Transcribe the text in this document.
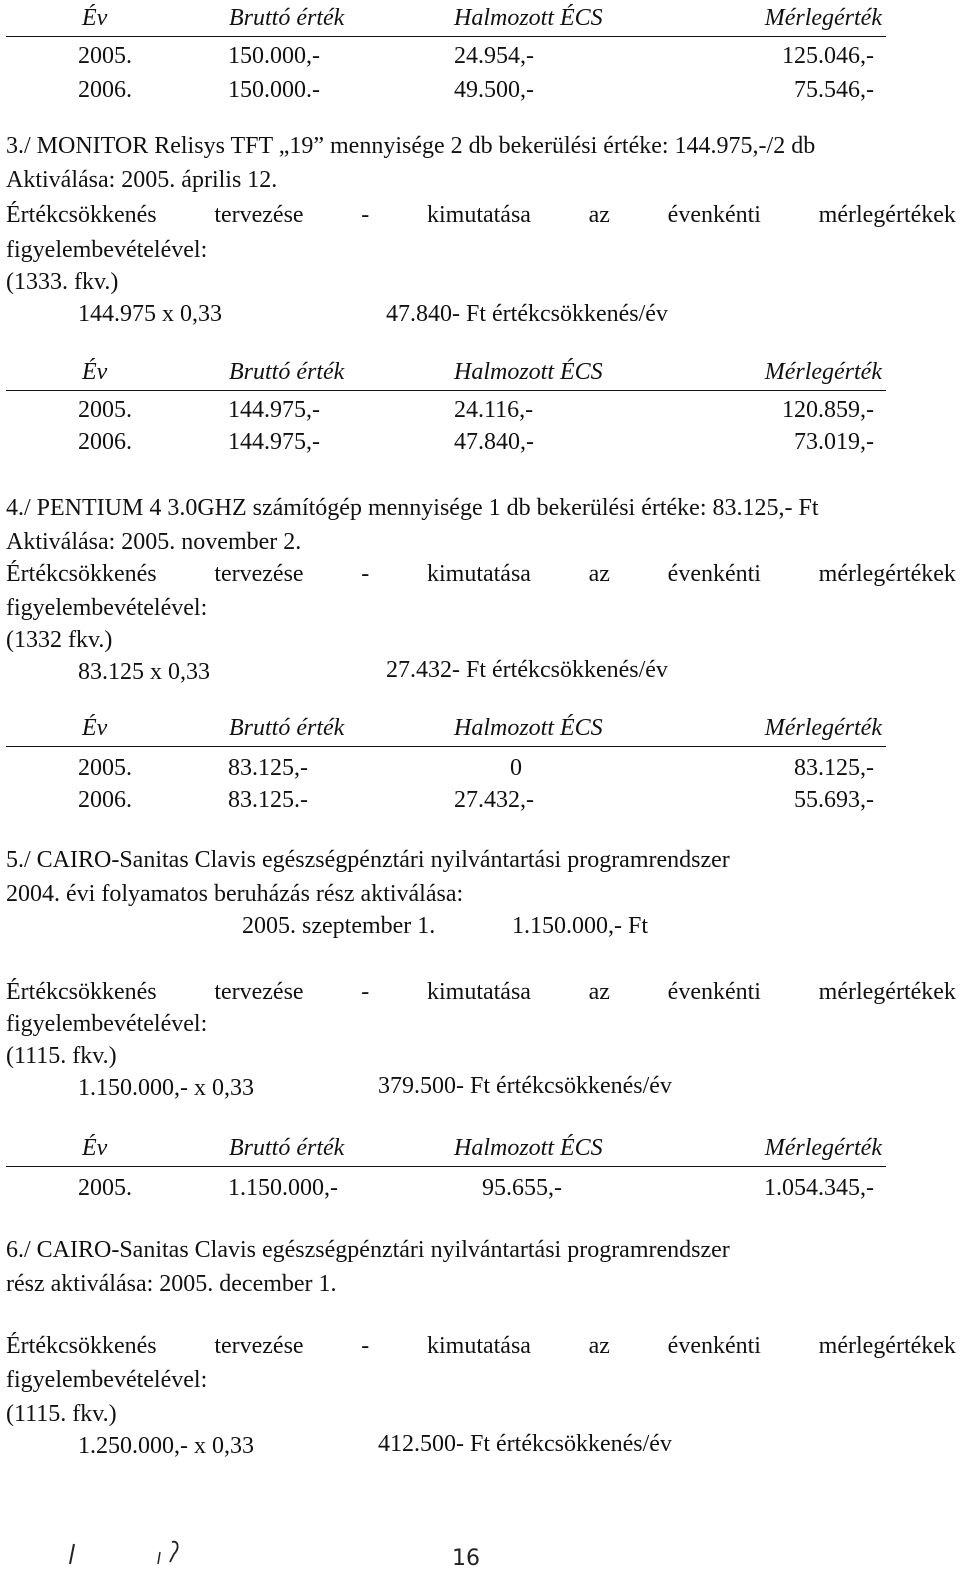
Év	Bruttó érték	Halmozott ÉCS	Mérlegérték
2005.	150.000,-	24.954,-	125.046,-
2006.	150.000.-	49.500,-	75.546,-
3./ MONITOR Relisys TFT „19” mennyisége 2 db bekerülési értéke: 144.975,-/2 db
Aktiválása: 2005. április 12.
Értékcsökkenés tervezése - kimutatása az évenkénti mérlegértékek
figyelembevételével:
(1333. fkv.)
144.975 x 0,33	47.840- Ft értékcsökkenés/év
Év	Bruttó érték	Halmozott ÉCS	Mérlegérték
2005.	144.975,-	24.116,-	120.859,-
2006.	144.975,-	47.840,-	73.019,-
4./ PENTIUM 4 3.0GHZ számítógép mennyisége 1 db bekerülési értéke: 83.125,- Ft
Aktiválása: 2005. november 2.
Értékcsökkenés tervezése - kimutatása az évenkénti mérlegértékek
figyelembevételével:
(1332 fkv.)
83.125 x 0,33	27.432- Ft értékcsökkenés/év
Év	Bruttó érték	Halmozott ÉCS	Mérlegérték
2005.	83.125,-	0	83.125,-
2006.	83.125.-	27.432,-	55.693,-
5./ CAIRO-Sanitas Clavis egészségpénztári nyilvántartási programrendszer
2004. évi folyamatos beruházás rész aktiválása:
2005. szeptember 1.	1.150.000,- Ft
Értékcsökkenés tervezése - kimutatása az évenkénti mérlegértékek
figyelembevételével:
(1115. fkv.)
1.150.000,- x 0,33	379.500- Ft értékcsökkenés/év
Év	Bruttó érték	Halmozott ÉCS	Mérlegérték
2005.	1.150.000,-	95.655,-	1.054.345,-
6./ CAIRO-Sanitas Clavis egészségpénztári nyilvántartási programrendszer
rész aktiválása: 2005. december 1.
Értékcsökkenés tervezése - kimutatása az évenkénti mérlegértékek
figyelembevételével:
(1115. fkv.)
1.250.000,- x 0,33	412.500- Ft értékcsökkenés/év
16
